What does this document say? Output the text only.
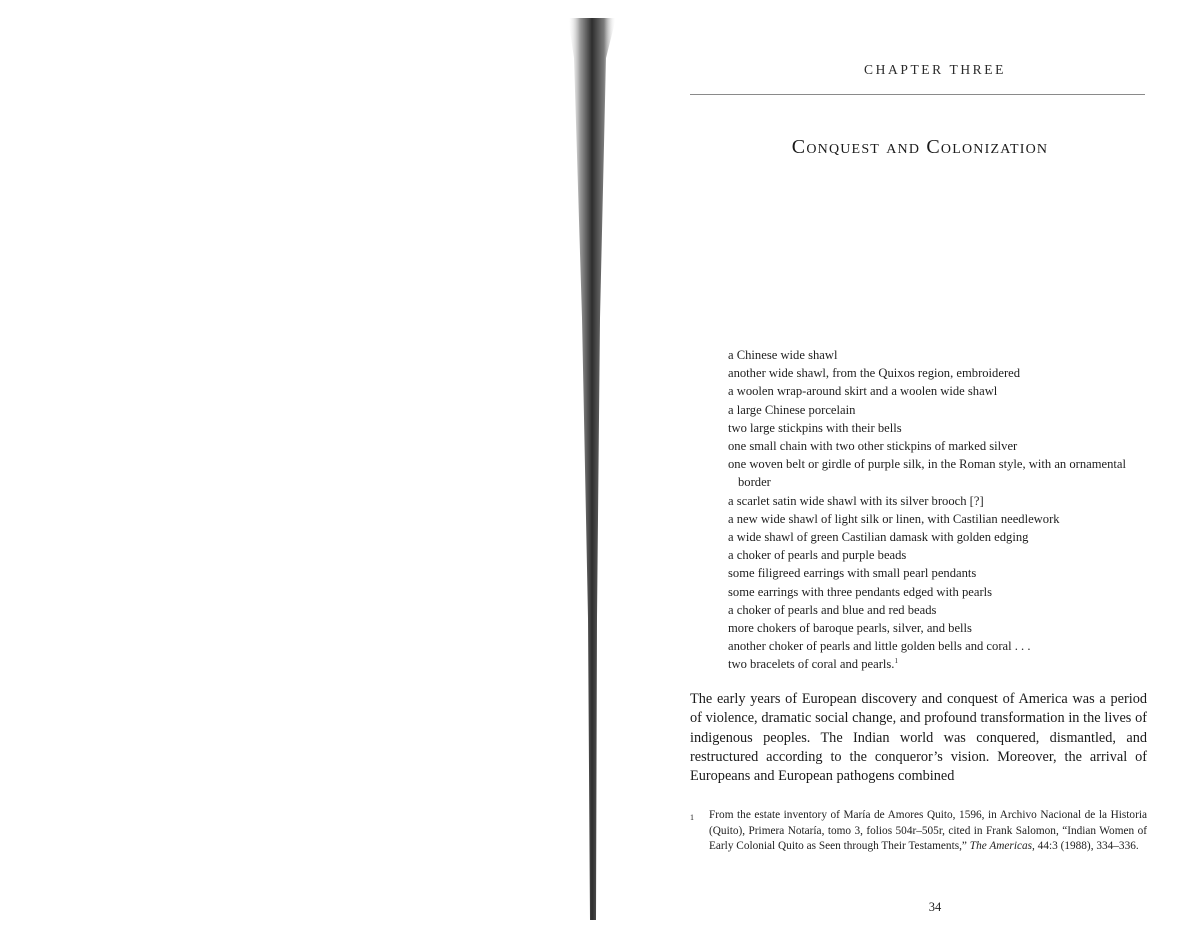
CHAPTER THREE
Conquest and Colonization
a Chinese wide shawl
another wide shawl, from the Quixos region, embroidered
a woolen wrap-around skirt and a woolen wide shawl
a large Chinese porcelain
two large stickpins with their bells
one small chain with two other stickpins of marked silver
one woven belt or girdle of purple silk, in the Roman style, with an ornamental border
a scarlet satin wide shawl with its silver brooch [?]
a new wide shawl of light silk or linen, with Castilian needlework
a wide shawl of green Castilian damask with golden edging
a choker of pearls and purple beads
some filigreed earrings with small pearl pendants
some earrings with three pendants edged with pearls
a choker of pearls and blue and red beads
more chokers of baroque pearls, silver, and bells
another choker of pearls and little golden bells and coral . . .
two bracelets of coral and pearls.$^1$

The early years of European discovery and conquest of America was a period of violence, dramatic social change, and profound transformation in the lives of indigenous peoples. The Indian world was conquered, dismantled, and restructured according to the conqueror’s vision. Moreover, the arrival of Europeans and European pathogens combined

1 From the estate inventory of María de Amores Quito, 1596, in Archivo Nacional de la Historia (Quito), Primera Notaría, tomo 3, folios 504r–505r, cited in Frank Salomon, “Indian Women of Early Colonial Quito as Seen through Their Testaments,” The Americas, 44:3 (1988), 334–336.
34
